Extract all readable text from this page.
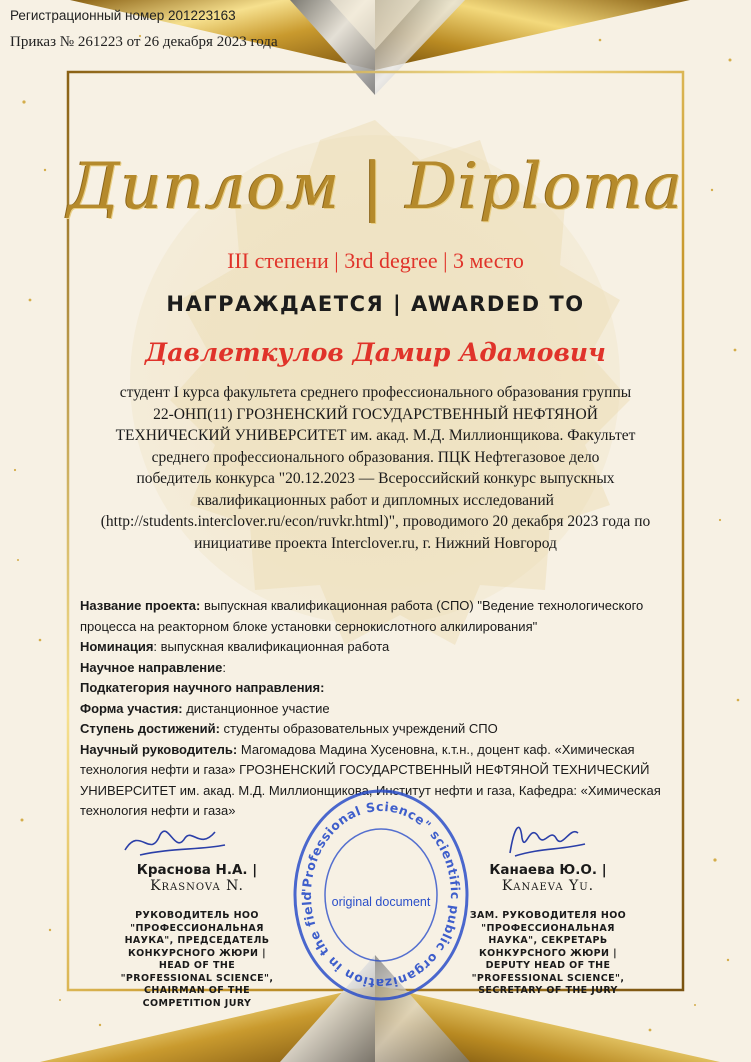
Регистрационный номер 201223163
Приказ № 261223 от 26 декабря 2023 года
Диплом | Diploma
III степени | 3rd degree | 3 место
НАГРАЖДАЕТСЯ | AWARDED TO
Давлеткулов Дамир Адамович
студент I курса факультета среднего профессионального образования группы
22-ОНП(11) ГРОЗНЕНСКИЙ ГОСУДАРСТВЕННЫЙ НЕФТЯНОЙ
ТЕХНИЧЕСКИЙ УНИВЕРСИТЕТ им. акад. М.Д. Миллионщикова. Факультет
среднего профессионального образования. ПЦК Нефтегазовое дело
победитель конкурса "20.12.2023 — Всероссийский конкурс выпускных
квалификационных работ и дипломных исследований
(http://students.interclover.ru/econ/ruvkr.html)", проводимого 20 декабря 2023 года по
инициативе проекта Interclover.ru, г. Нижний Новгород

Название проекта: выпускная квалификационная работа (СПО) "Ведение технологического процесса на реакторном блоке установки сернокислотного алкилирования"

Номинация: выпускная квалификационная работа

Научное направление:

Подкатегория научного направления:

Форма участия: дистанционное участие

Ступень достижений: студенты образовательных учреждений СПО

Научный руководитель: Магомадова Мадина Хусеновна, к.т.н., доцент каф. «Химическая технология нефти и газа» ГРОЗНЕНСКИЙ ГОСУДАРСТВЕННЫЙ НЕФТЯНОЙ ТЕХНИЧЕСКИЙ УНИВЕРСИТЕТ им. акад. М.Д. Миллионщикова, Институт нефти и газа, Кафедра: «Химическая технология нефти и газа»

Краснова Н.А. |
Krasnova N.
РУКОВОДИТЕЛЬ НОО "ПРОФЕССИОНАЛЬНАЯ НАУКА", ПРЕДСЕДАТЕЛЬ КОНКУРСНОГО ЖЮРИ | HEAD OF THE "PROFESSIONAL SCIENCE", CHAIRMAN OF THE COMPETITION JURY
Канаева Ю.О. |
Kanaeva Yu.
ЗАМ. РУКОВОДИТЕЛЯ НОО "ПРОФЕССИОНАЛЬНАЯ НАУКА", СЕКРЕТАРЬ КОНКУРСНОГО ЖЮРИ | DEPUTY HEAD OF THE "PROFESSIONAL SCIENCE", SECRETARY OF THE JURY
"Professional Science" scientific public organization in the field	original document
